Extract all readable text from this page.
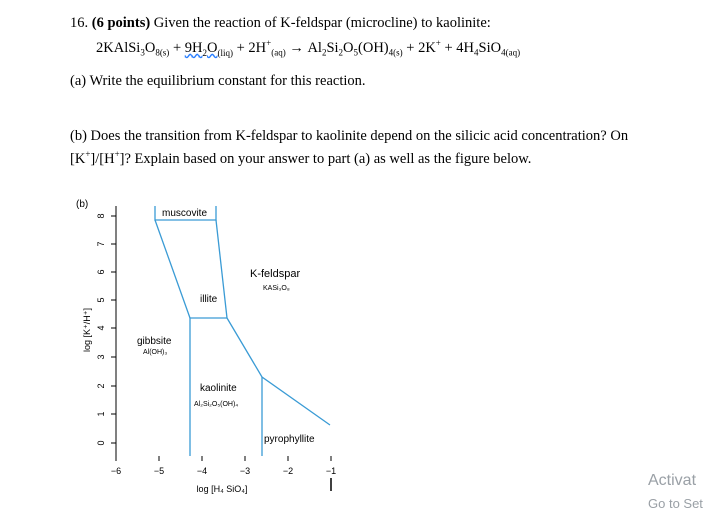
16. (6 points) Given the reaction of K-feldspar (microcline) to kaolinite:
$2KAlSi_3O_{8(s)} + 9H_2O_{(liq)} + 2H^+_{(aq)} \to Al_2Si_2O_5(OH)_{4(s)} + 2K^+ + 4H_4SiO_{4(aq)}$
(a) Write the equilibrium constant for this reaction.
(b) Does the transition from K-feldspar to kaolinite depend on the silicic acid concentration? On
[K+]/[H+]? Explain based on your answer to part (a) as well as the figure below.
(b)
8
7
6
5
4
3
2
1
0
log [K⁺/H⁺]
−6	−5	−4	−3	−2	−1
log [H₄ SiO₄]
muscovite
illite
K-feldspar
KASi₃O₈
gibbsite
Al(OH)₃
kaolinite
Al₂Si₂O₅(OH)₄
pyrophyllite
Activat
Go to Set
